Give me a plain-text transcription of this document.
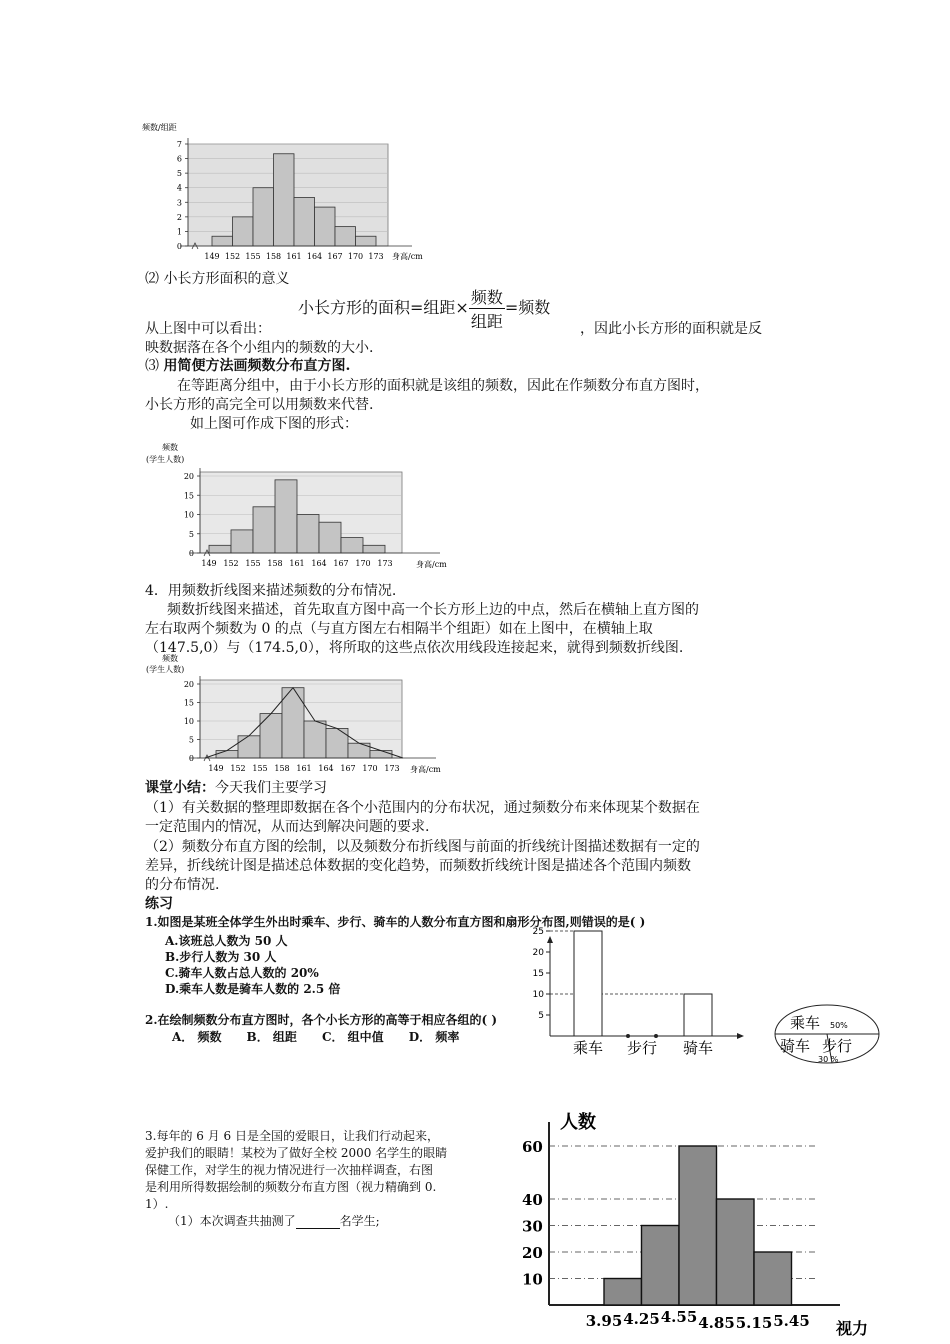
频数/组距
0
1
2
3
4
5
6
7
149 152 155 158 161 164 167 170 173 身高/cm
⑵ 小长方形面积的意义
小长方形的面积=组距× $\frac{\text{频数}}{\text{组距}}$ =频数
从上图中可以看出：	，因此小长方形的面积就是反
映数据落在各个小组内的频数的大小.
⑶ 用简便方法画频数分布直方图.
在等距离分组中，由于小长方形的面积就是该组的频数，因此在作频数分布直方图时，
小长方形的高完全可以用频数来代替.
如上图可作成下图的形式：
频数
(学生人数)
0
5
10
15
20
149 152 155 158 161 164 167 170 173	身高/cm
4．用频数折线图来描述频数的分布情况.
频数折线图来描述，首先取直方图中高一个长方形上边的中点，然后在横轴上直方图的
左右取两个频数为 0 的点（与直方图左右相隔半个组距）如在上图中，在横轴上取
（147.5,0）与（174.5,0），将所取的这些点依次用线段连接起来，就得到频数折线图.
频数
(学生人数)
0
5
10
15
20
149 152 155 158 161 164 167 170 173 身高/cm
课堂小结：今天我们主要学习
（1）有关数据的整理即数据在各个小范围内的分布状况，通过频数分布来体现某个数据在
一定范围内的情况，从而达到解决问题的要求.
（2）频数分布直方图的绘制，以及频数分布折线图与前面的折线统计图描述数据有一定的
差异，折线统计图是描述总体数据的变化趋势，而频数折线统计图是描述各个范围内频数
的分布情况.
练习
1.如图是某班全体学生外出时乘车、步行、骑车的人数分布直方图和扇形分布图,则错误的是( )
A.该班总人数为 50 人
B.步行人数为 30 人
C.骑车人数占总人数的 20%
D.乘车人数是骑车人数的 2.5 倍
5
10
15
20
25
乘车 步行 骑车
乘车 50%
骑车 步行
30 %
2.在绘制频数分布直方图时，各个小长方形的高等于相应各组的( )
A． 频数      B． 组距      C． 组中值      D． 频率
3.每年的 6 月 6 日是全国的爱眼日，让我们行动起来，
爱护我们的眼睛！某校为了做好全校 2000 名学生的眼睛
保健工作，对学生的视力情况进行一次抽样调查，右图
是利用所得数据绘制的频数分布直方图（视力精确到 0.
1）.
（1）本次调查共抽测了	名学生;
人数
10
20
30
40
60
3.95 4.25 4.55 4.85 5.15 5.45 视力
